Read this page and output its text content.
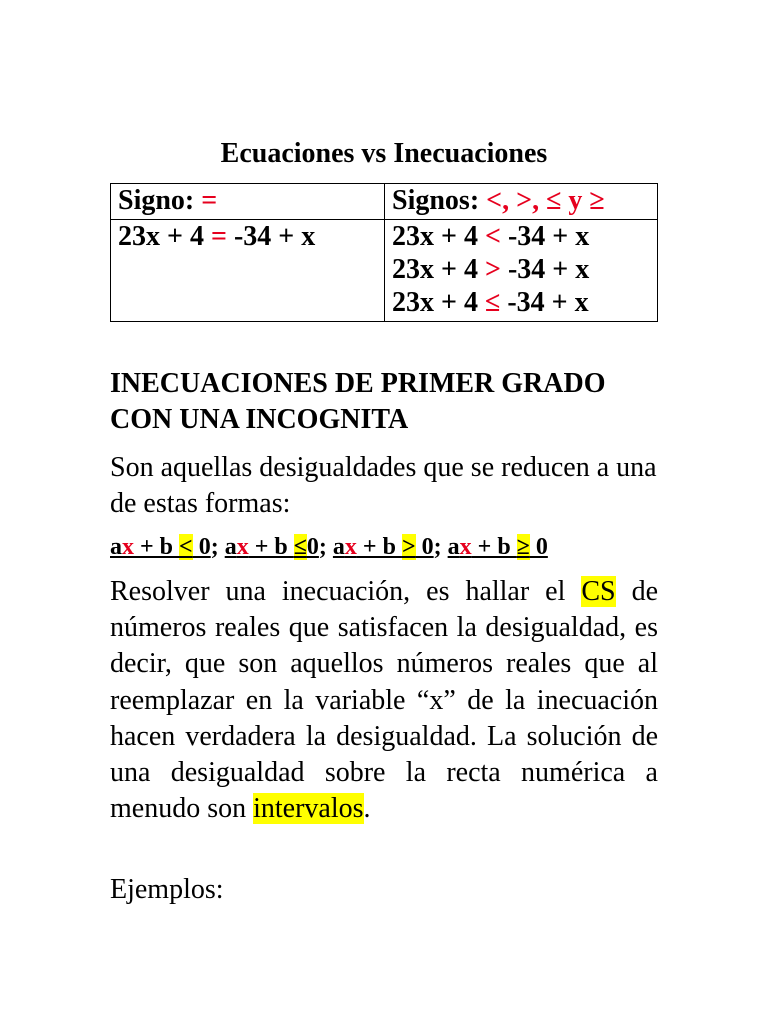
Ecuaciones vs Inecuaciones
Signo: =	Signos: <, >, ≤ y ≥

23x + 4 = -34 + x	23x + 4 < -34 + x
23x + 4 > -34 + x
23x + 4 ≤ -34 + x
INECUACIONES DE PRIMER GRADO CON UNA INCOGNITA
Son aquellas desigualdades que se reducen a una de estas formas:
ax + b < 0; ax + b ≤0; ax + b > 0; ax + b ≥ 0
Resolver una inecuación, es hallar el CS de números reales que satisfacen la desigualdad, es decir, que son aquellos números reales que al reemplazar en la variable “x” de la inecuación hacen verdadera la desigualdad. La solución de una desigualdad sobre la recta numérica a menudo son intervalos.
Ejemplos:
